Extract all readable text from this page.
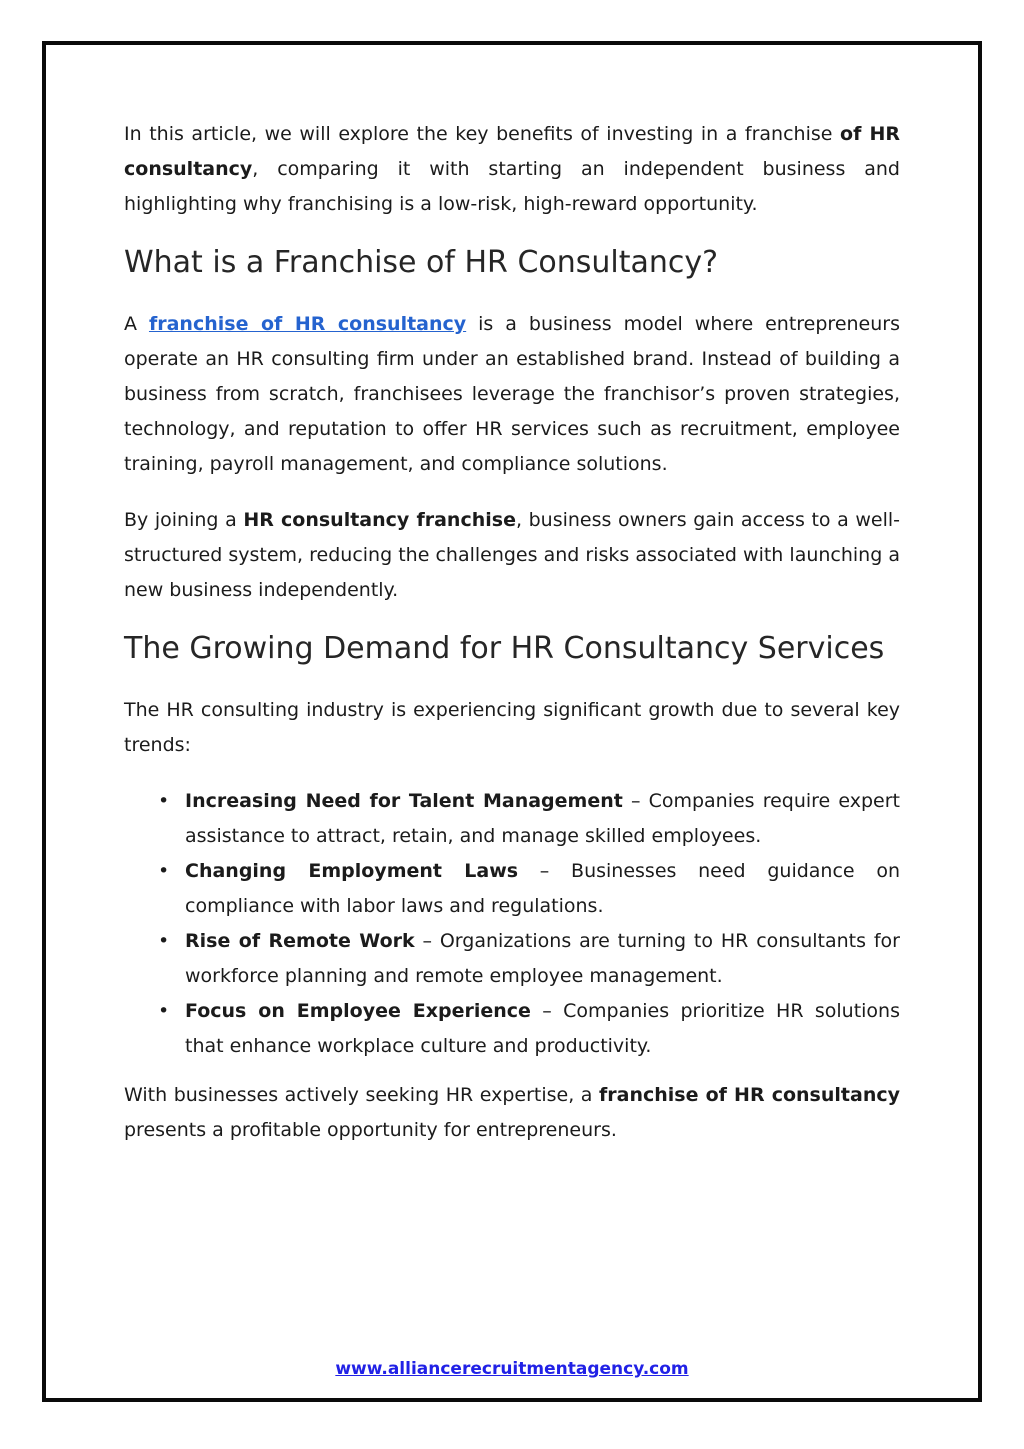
In this article, we will explore the key benefits of investing in a franchise of HR consultancy, comparing it with starting an independent business and highlighting why franchising is a low-risk, high-reward opportunity.

What is a Franchise of HR Consultancy?

A franchise of HR consultancy is a business model where entrepreneurs operate an HR consulting firm under an established brand. Instead of building a business from scratch, franchisees leverage the franchisor’s proven strategies, technology, and reputation to offer HR services such as recruitment, employee training, payroll management, and compliance solutions.

By joining a HR consultancy franchise, business owners gain access to a well-structured system, reducing the challenges and risks associated with launching a new business independently.

The Growing Demand for HR Consultancy Services

The HR consulting industry is experiencing significant growth due to several key trends:

•
Increasing Need for Talent Management – Companies require expert assistance to attract, retain, and manage skilled employees.
•
Changing Employment Laws – Businesses need guidance on compliance with labor laws and regulations.
•
Rise of Remote Work – Organizations are turning to HR consultants for workforce planning and remote employee management.
•
Focus on Employee Experience – Companies prioritize HR solutions that enhance workplace culture and productivity.

With businesses actively seeking HR expertise, a franchise of HR consultancy presents a profitable opportunity for entrepreneurs.

www.alliancerecruitmentagency.com
